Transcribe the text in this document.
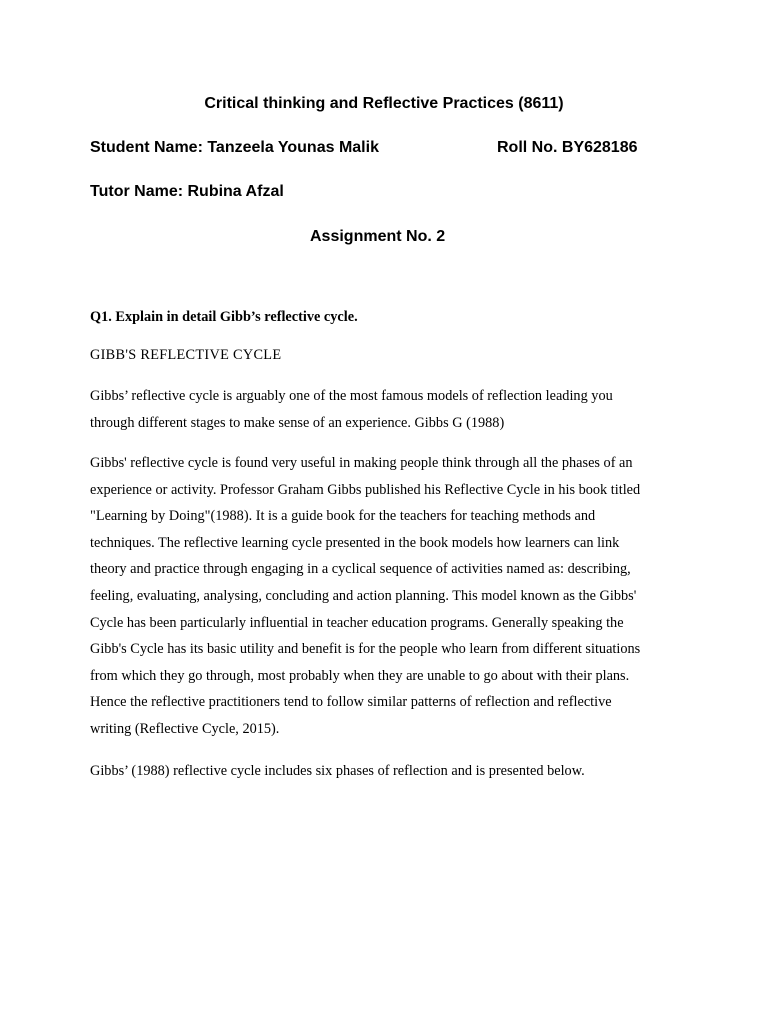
Critical thinking and Reflective Practices (8611)
Student Name: Tanzeela Younas Malik	Roll No. BY628186
Tutor Name: Rubina Afzal
Assignment No. 2
Q1. Explain in detail Gibb’s reflective cycle.
GIBB'S REFLECTIVE CYCLE
Gibbs’ reflective cycle is arguably one of the most famous models of reflection leading you
through different stages to make sense of an experience. Gibbs G (1988)
Gibbs' reflective cycle is found very useful in making people think through all the phases of an
experience or activity. Professor Graham Gibbs published his Reflective Cycle in his book titled
"Learning by Doing"(1988). It is a guide book for the teachers for teaching methods and
techniques. The reflective learning cycle presented in the book models how learners can link
theory and practice through engaging in a cyclical sequence of activities named as: describing,
feeling, evaluating, analysing, concluding and action planning. This model known as the Gibbs'
Cycle has been particularly influential in teacher education programs. Generally speaking the
Gibb's Cycle has its basic utility and benefit is for the people who learn from different situations
from which they go through, most probably when they are unable to go about with their plans.
Hence the reflective practitioners tend to follow similar patterns of reflection and reflective
writing (Reflective Cycle, 2015).
Gibbs’ (1988) reflective cycle includes six phases of reflection and is presented below.
